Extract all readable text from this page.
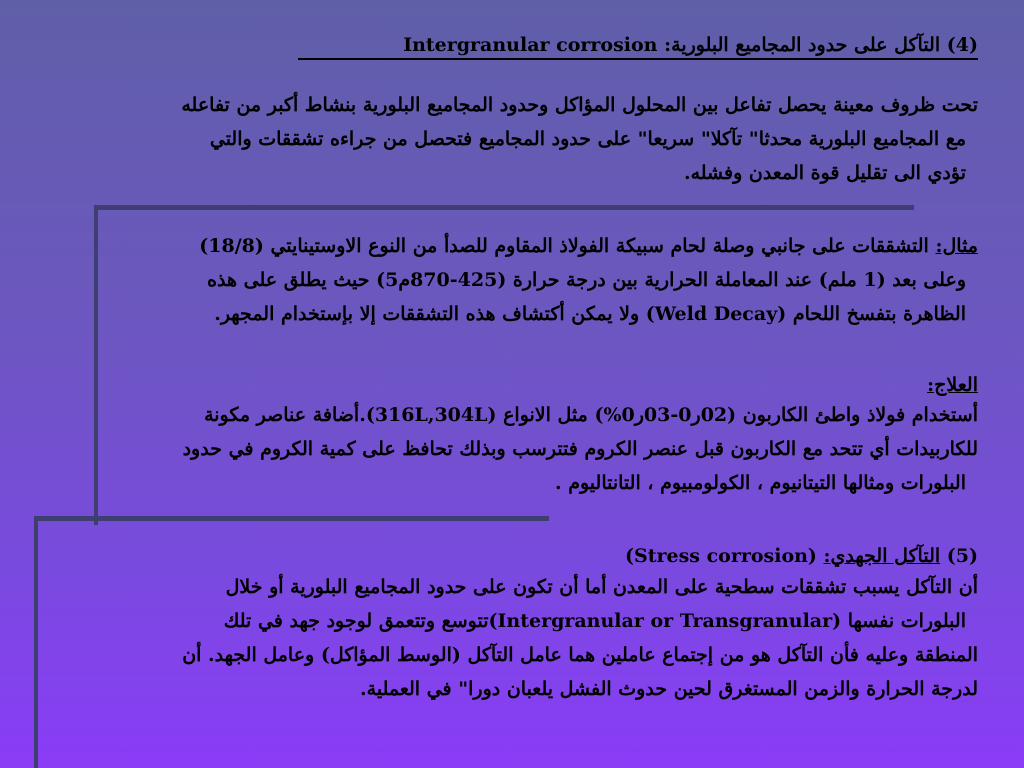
(4) التآكل على حدود المجاميع البلورية: Intergranular corrosion
تحت ظروف معينة يحصل تفاعل بين المحلول المؤاكل وحدود المجاميع البلورية بنشاط أكبر من تفاعله
مع المجاميع البلورية محدثا" تآكلا" سريعا" على حدود المجاميع فتحصل من جراءه تشققات والتي
تؤدي الى تقليل قوة المعدن وفشله.
مثال: التشققات على جانبي وصلة لحام سبيكة الفولاذ المقاوم للصدأ من النوع الاوستينايتي (18/8)
وعلى بعد (1 ملم) عند المعاملة الحرارية بين درجة حرارة (425-870م5) حيث يطلق على هذه
الظاهرة بتفسخ اللحام (Weld Decay) ولا يمكن أكتشاف هذه التشققات إلا بإستخدام المجهر.
العلاج:
أستخدام فولاذ واطئ الكاربون (02ر0-03ر0%) مثل الانواع (316L,304L).أضافة عناصر مكونة
للكاربيدات أي تتحد مع الكاربون قبل عنصر الكروم فتترسب وبذلك تحافظ على كمية الكروم في حدود
البلورات ومثالها التيتانيوم ، الكولومبيوم ، التانتاليوم .
(5) التآكل الجهدي: (Stress corrosion)
أن التآكل يسبب تشققات سطحية على المعدن أما أن تكون على حدود المجاميع البلورية أو خلال
البلورات نفسها (Intergranular or Transgranular)تتوسع وتتعمق لوجود جهد في تلك
المنطقة وعليه فأن التآكل هو من إجتماع عاملين هما عامل التآكل (الوسط المؤاكل) وعامل الجهد. أن
لدرجة الحرارة والزمن المستغرق لحين حدوث الفشل يلعبان دورا" في العملية.
